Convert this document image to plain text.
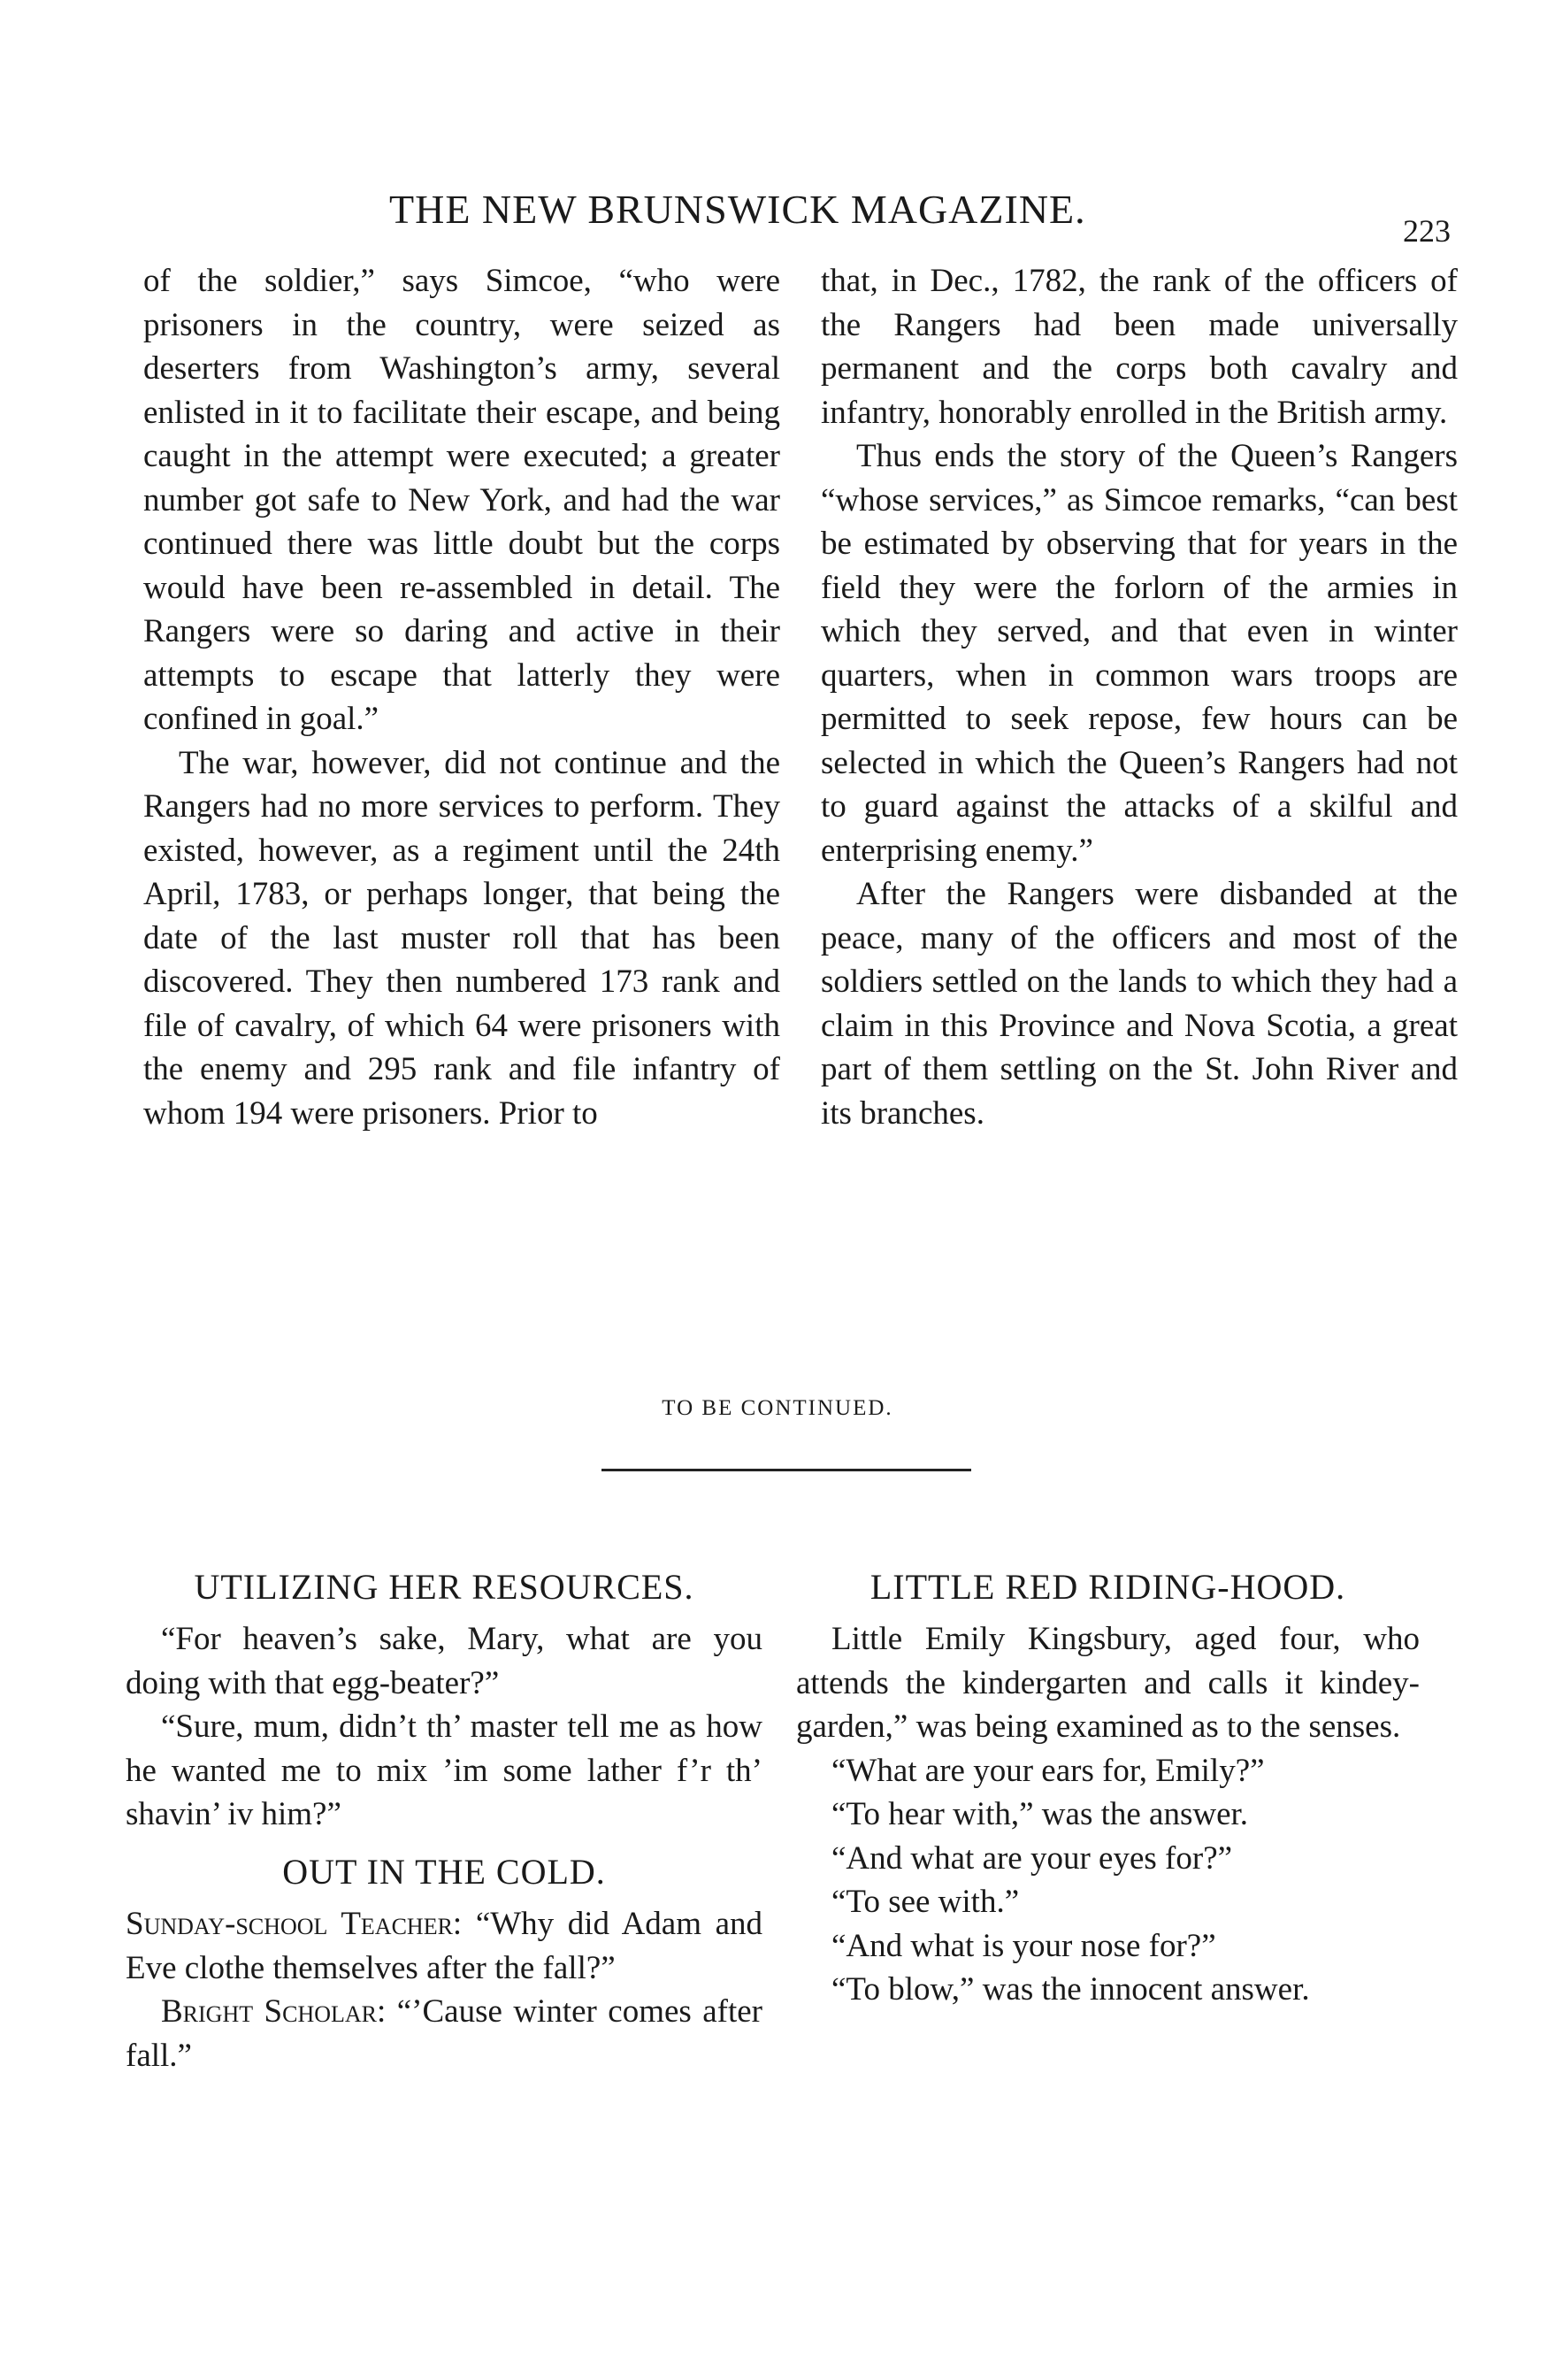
THE NEW BRUNSWICK MAGAZINE.	223

of the soldier,” says Simcoe, “who were prisoners in the country, were seized as deserters from Washington’s army, several enlisted in it to facilitate their escape, and being caught in the attempt were executed; a greater number got safe to New York, and had the war continued there was little doubt but the corps would have been re-assembled in detail. The Rangers were so daring and active in their attempts to escape that latterly they were confined in goal.”

The war, however, did not continue and the Rangers had no more services to perform. They existed, however, as a regiment until the 24th April, 1783, or perhaps longer, that being the date of the last muster roll that has been discovered. They then numbered 173 rank and file of cavalry, of which 64 were prisoners with the enemy and 295 rank and file infantry of whom 194 were prisoners. Prior to

that, in Dec., 1782, the rank of the officers of the Rangers had been made universally permanent and the corps both cavalry and infantry, honorably enrolled in the British army.

Thus ends the story of the Queen’s Rangers “whose services,” as Simcoe remarks, “can best be estimated by observing that for years in the field they were the forlorn of the armies in which they served, and that even in winter quarters, when in common wars troops are permitted to seek repose, few hours can be selected in which the Queen’s Rangers had not to guard against the attacks of a skilful and enterprising enemy.”

After the Rangers were disbanded at the peace, many of the officers and most of the soldiers settled on the lands to which they had a claim in this Province and Nova Scotia, a great part of them settling on the St. John River and its branches.

TO BE CONTINUED.
UTILIZING HER RESOURCES.

“For heaven’s sake, Mary, what are you doing with that egg-beater?”

“Sure, mum, didn’t th’ master tell me as how he wanted me to mix ’im some lather f’r th’ shavin’ iv him?”

OUT IN THE COLD.

Sunday-school Teacher: “Why did Adam and Eve clothe themselves after the fall?”

Bright Scholar: “’Cause winter comes after fall.”

LITTLE RED RIDING-HOOD.

Little Emily Kingsbury, aged four, who attends the kindergarten and calls it kindey-garden,” was being examined as to the senses.

“What are your ears for, Emily?”

“To hear with,” was the answer.

“And what are your eyes for?”

“To see with.”

“And what is your nose for?”

“To blow,” was the innocent answer.
